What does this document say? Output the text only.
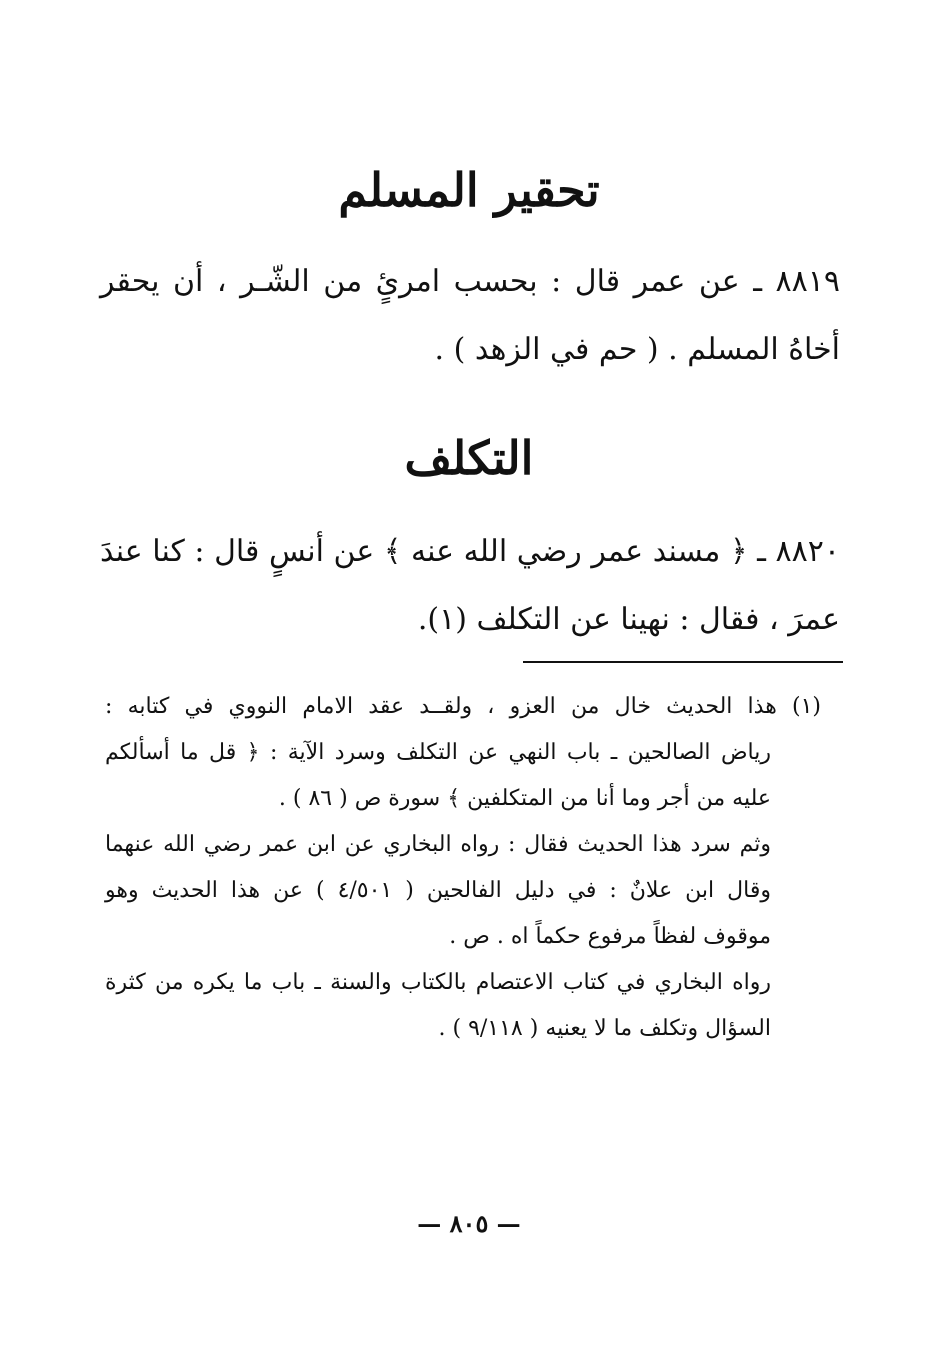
تحقير المسلم

٨٨١٩ ـ عن عمر قال : بحسب امرئٍ من الشّـر ، أن يحقر أخاهُ المسلم . ( حم في الزهد ) .

التكلف

٨٨٢٠ ـ ﴿ مسند عمر رضي الله عنه ﴾ عن أنسٍ قال : كنا عندَ عمرَ ، فقال : نهينا عن التكلف (١).

(١) هذا الحديث خال من العزو ، ولقــد عقد الامام النووي في كتابه :
رياض الصالحين ـ باب النهي عن التكلف وسرد الآية : ﴿ قل ما أسألكم
عليه من أجر وما أنا من المتكلفين ﴾ سورة ص ( ٨٦ ) .
وثم سرد هذا الحديث فقال : رواه البخاري عن ابن عمر رضي الله عنهما
وقال ابن علانٌ : في دليل الفالحين ( ٤/٥٠١ ) عن هذا الحديث وهو
موقوف لفظاً مرفوع حكماً اه . ص .
رواه البخاري في كتاب الاعتصام بالكتاب والسنة ـ باب ما يكره من كثرة
السؤال وتكلف ما لا يعنيه ( ٩/١١٨ ) .
— ٨٠٥ —
